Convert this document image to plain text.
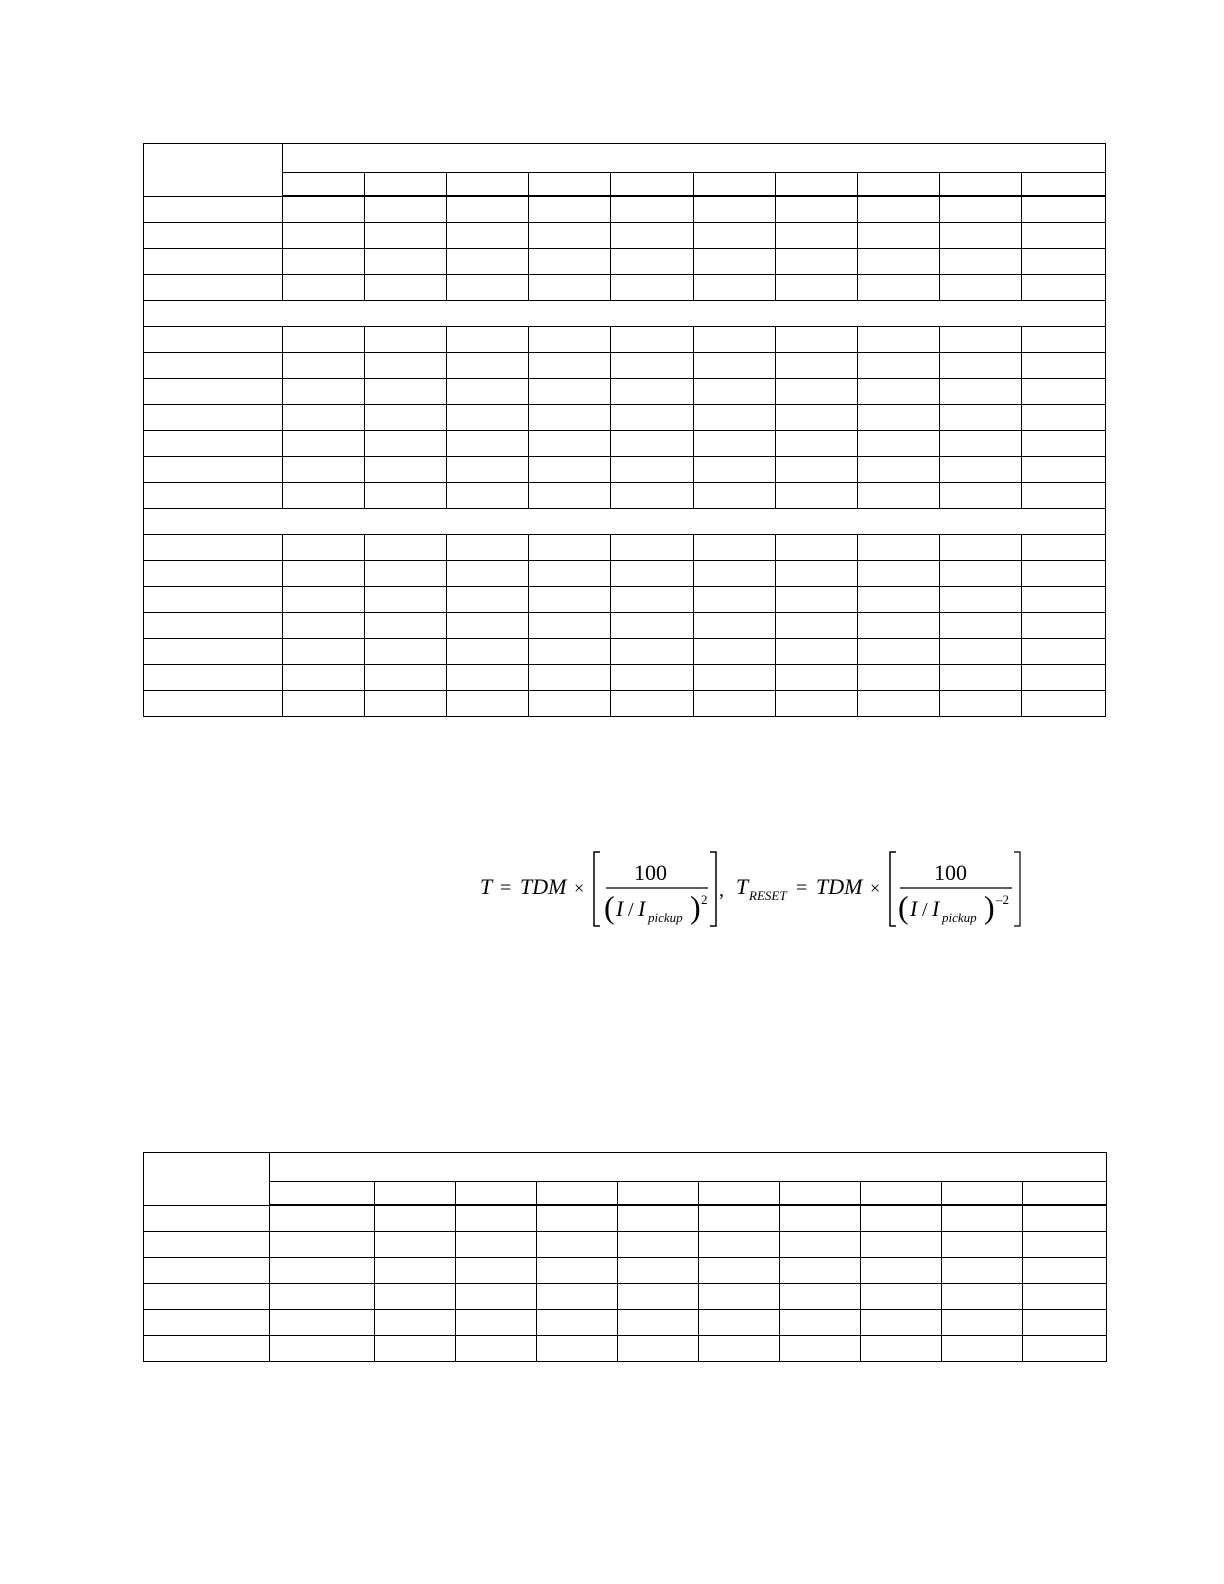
T = TDM ×
100
( I / I pickup ) 2 , T RESET = TDM ×
100
( I / I pickup ) –2
